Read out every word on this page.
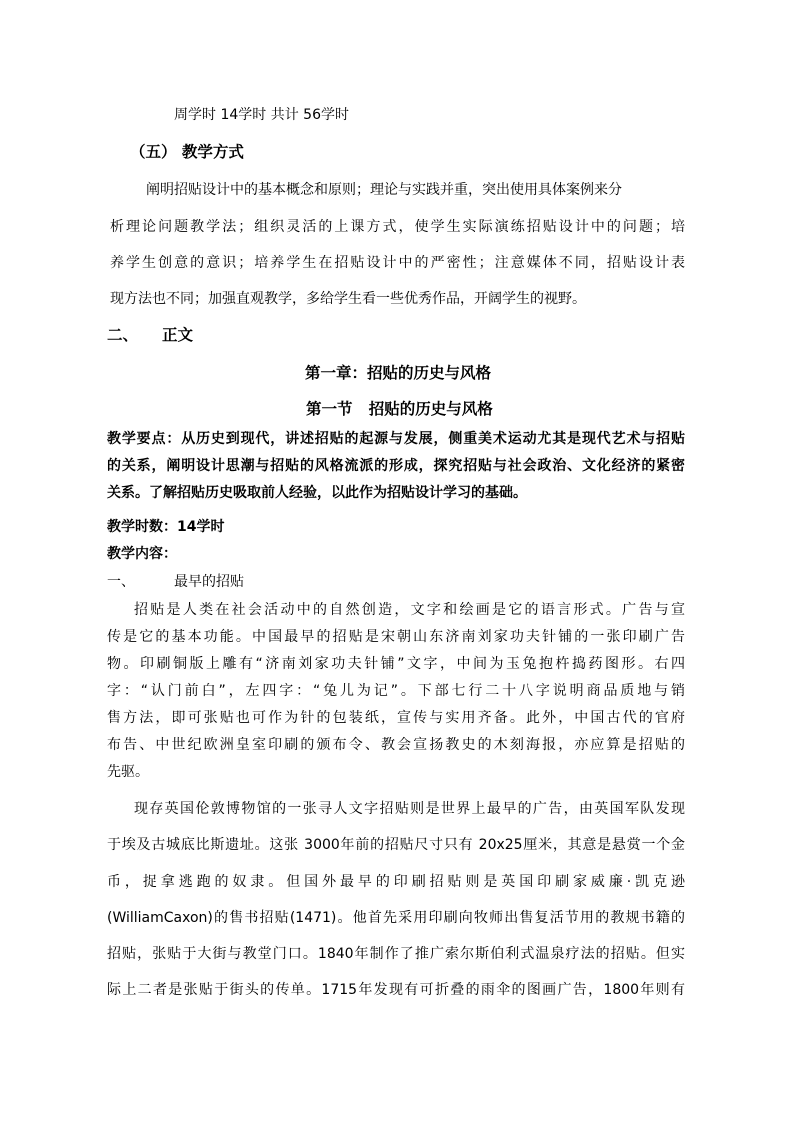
周学时 14学时 共计 56学时
（五） 教学方式
阐明招贴设计中的基本概念和原则；理论与实践并重，突出使用具体案例来分
析理论问题教学法；组织灵活的上课方式，使学生实际演练招贴设计中的问题；培
养学生创意的意识；培养学生在招贴设计中的严密性；注意媒体不同，招贴设计表
现方法也不同；加强直观教学，多给学生看一些优秀作品，开阔学生的视野。
二、 正文
第一章：招贴的历史与风格
第一节   招贴的历史与风格
教学要点：从历史到现代，讲述招贴的起源与发展，侧重美术运动尤其是现代艺术与招贴
的关系，阐明设计思潮与招贴的风格流派的形成，探究招贴与社会政治、文化经济的紧密
关系。了解招贴历史吸取前人经验，以此作为招贴设计学习的基础。
教学时数：14学时
教学内容：
一、	最早的招贴
招贴是人类在社会活动中的自然创造，文字和绘画是它的语言形式。广告与宣
传是它的基本功能。中国最早的招贴是宋朝山东济南刘家功夫针铺的一张印刷广告
物。印刷铜版上雕有“济南刘家功夫针铺”文字，中间为玉兔抱杵捣药图形。右四
字：“认门前白”，左四字：“兔儿为记”。下部七行二十八字说明商品质地与销
售方法，即可张贴也可作为针的包装纸，宣传与实用齐备。此外，中国古代的官府
布告、中世纪欧洲皇室印刷的颁布令、教会宣扬教史的木刻海报，亦应算是招贴的
先驱。
现存英国伦敦博物馆的一张寻人文字招贴则是世界上最早的广告，由英国军队发现
于埃及古城底比斯遗址。这张 3000年前的招贴尺寸只有 20x25厘米，其意是悬赏一个金
币，捉拿逃跑的奴隶。但国外最早的印刷招贴则是英国印刷家威廉·凯克逊
(WilliamCaxon)的售书招贴(1471)。他首先采用印刷向牧师出售复活节用的教规书籍的
招贴，张贴于大街与教堂门口。1840年制作了推广索尔斯伯利式温泉疗法的招贴。但实
际上二者是张贴于街头的传单。1715年发现有可折叠的雨伞的图画广告，1800年则有
